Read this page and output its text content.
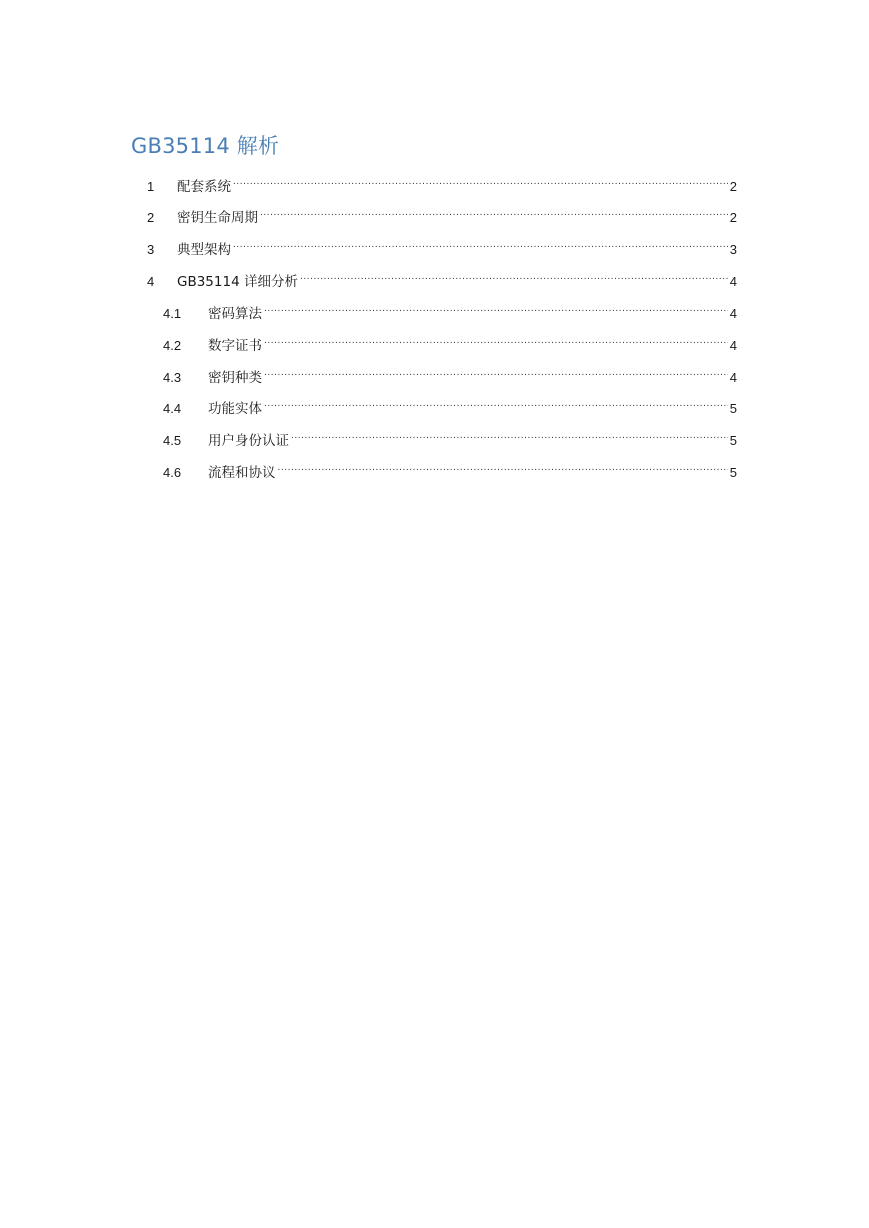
GB35114 解析
1	配套系统 .....	2
2	密钥生命周期 .....	2
3	典型架构 .....	3
4	GB35114 详细分析 .....	4
4.1	密码算法 .....	4
4.2	数字证书 .....	4
4.3	密钥种类 .....	4
4.4	功能实体 .....	5
4.5	用户身份认证 .....	5
4.6	流程和协议 .....	5
